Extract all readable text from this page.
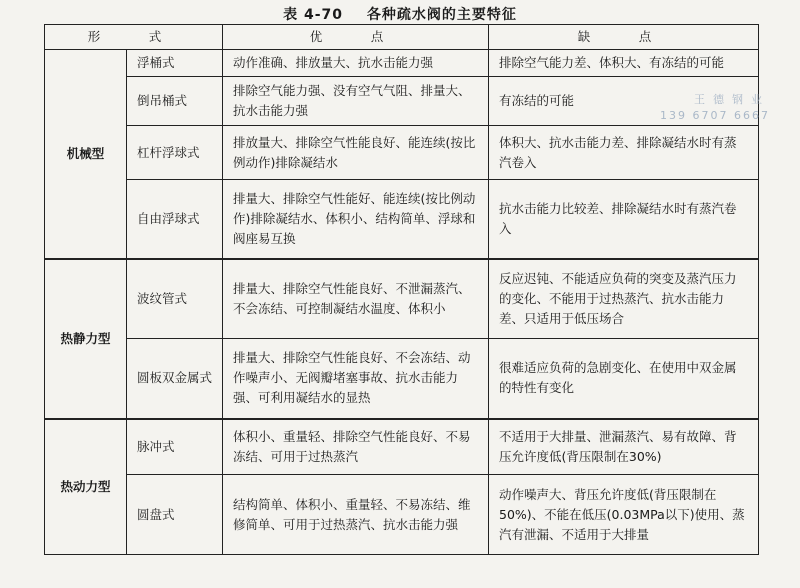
表 4-70 各种疏水阀的主要特征
形　式		优　点	缺　点
机械型	浮桶式	动作准确、排放量大、抗水击能力强	排除空气能力差、体积大、有冻结的可能
	倒吊桶式	排除空气能力强、没有空气气阻、排量大、抗水击能力强	有冻结的可能
	杠杆浮球式	排放量大、排除空气性能良好、能连续(按比例动作)排除凝结水	体积大、抗水击能力差、排除凝结水时有蒸汽卷入
	自由浮球式	排量大、排除空气性能好、能连续(按比例动作)排除凝结水、体积小、结构简单、浮球和阀座易互换	抗水击能力比较差、排除凝结水时有蒸汽卷入
热静力型	波纹管式	排量大、排除空气性能良好、不泄漏蒸汽、不会冻结、可控制凝结水温度、体积小	反应迟钝、不能适应负荷的突变及蒸汽压力的变化、不能用于过热蒸汽、抗水击能力差、只适用于低压场合
	圆板双金属式	排量大、排除空气性能良好、不会冻结、动作噪声小、无阀瓣堵塞事故、抗水击能力强、可利用凝结水的显热	很难适应负荷的急剧变化、在使用中双金属的特性有变化
热动力型	脉冲式	体积小、重量轻、排除空气性能良好、不易冻结、可用于过热蒸汽	不适用于大排量、泄漏蒸汽、易有故障、背压允许度低(背压限制在30%)
	圆盘式	结构简单、体积小、重量轻、不易冻结、维修简单、可用于过热蒸汽、抗水击能力强	动作噪声大、背压允许度低(背压限制在50%)、不能在低压(0.03MPa以下)使用、蒸汽有泄漏、不适用于大排量
王德钢业
139 6707 6667
